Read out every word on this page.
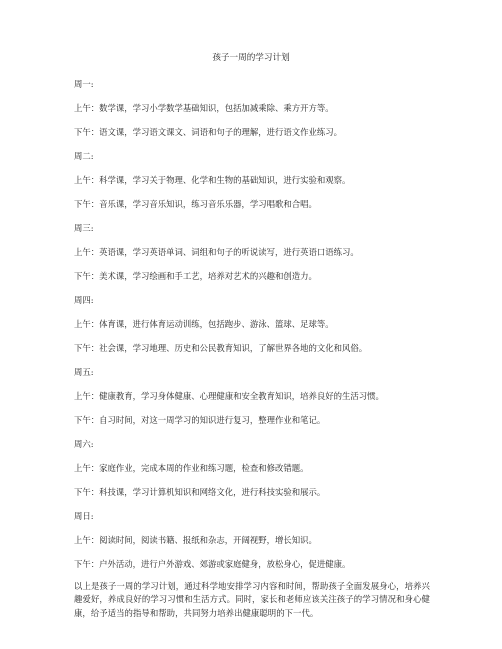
孩子一周的学习计划
周一:
上午：数学课，学习小学数学基础知识，包括加减乘除、乘方开方等。
下午：语文课，学习语文课文、词语和句子的理解，进行语文作业练习。
周二:
上午：科学课，学习关于物理、化学和生物的基础知识，进行实验和观察。
下午：音乐课，学习音乐知识，练习音乐乐器，学习唱歌和合唱。
周三:
上午：英语课，学习英语单词、词组和句子的听说读写，进行英语口语练习。
下午：美术课，学习绘画和手工艺，培养对艺术的兴趣和创造力。
周四:
上午：体育课，进行体育运动训练，包括跑步、游泳、篮球、足球等。
下午：社会课，学习地理、历史和公民教育知识，了解世界各地的文化和风俗。
周五:
上午：健康教育，学习身体健康、心理健康和安全教育知识，培养良好的生活习惯。
下午：自习时间，对这一周学习的知识进行复习，整理作业和笔记。
周六:
上午：家庭作业，完成本周的作业和练习题，检查和修改错题。
下午：科技课，学习计算机知识和网络文化，进行科技实验和展示。
周日:
上午：阅读时间，阅读书籍、报纸和杂志，开阔视野，增长知识。
下午：户外活动，进行户外游戏、郊游或家庭健身，放松身心，促进健康。
以上是孩子一周的学习计划，通过科学地安排学习内容和时间，帮助孩子全面发展身心，培养兴趣爱好，养成良好的学习习惯和生活方式。同时，家长和老师应该关注孩子的学习情况和身心健康，给予适当的指导和帮助，共同努力培养出健康聪明的下一代。
